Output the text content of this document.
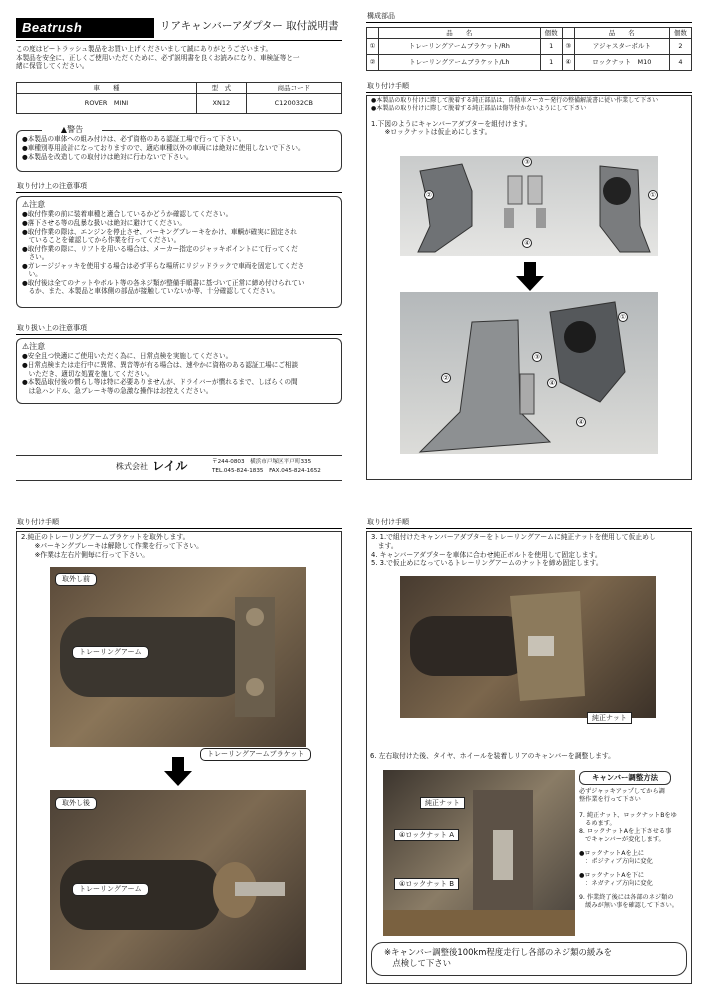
Beatrush	リアキャンバーアダプター 取付説明書
この度はビートラッシュ製品をお買い上げくださいまして誠にありがとうございます。
本製品を安全に、正しくご使用いただくために、必ず説明書を良くお読みになり、車検証等と一
緒に保管してください。
車　　種	型　式	商品コード
ROVER　MINI	XN12	C120032CB
▲警告
●本製品の車体への組み付けは、必ず資格のある認証工場で行って下さい。
●車種別専用設計になっておりますので、適応車種以外の車両には絶対に使用しないで下さい。
●本製品を改造しての取付けは絶対に行わないで下さい。
取り付け上の注意事項
⚠注意
●取付作業の前に装着車種と適合しているかどうか確認してください。
●落下させる等の乱暴な扱いは絶対に避けてください。
●取付作業の際は、エンジンを停止させ、パーキングブレーキをかけ、車輌が確実に固定され
　ていることを確認してから作業を行ってください。
●取付作業の際に、リフトを用いる場合は、メーカー指定のジャッキポイントにて行ってくだ
　さい。
●ガレージジャッキを使用する場合は必ず平らな場所にリジッドラックで車両を固定してくださ
　い。
●取付後は全てのナットやボルト等の各ネジ類が整備手順書に基づいて正常に締め付けられてい
　るか、また、本製品と車体側の部品が接触していないか等、十分確認してください。
取り扱い上の注意事項
⚠注意
●安全且つ快適にご使用いただく為に、日常点検を実施してください。
●日常点検または走行中に異常、異音等が有る場合は、速やかに資格のある認証工場にご相談
　いただき、適切な処置を施してください。
●本製品取付後の慣らし等は特に必要ありませんが、ドライバーが慣れるまで、しばらくの間
　は急ハンドル、急ブレーキ等の急激な操作はお控えください。
株式会社 レイル	〒244-0803　横浜市戸塚区平戸町335
TEL.045-824-1835　FAX.045-824-1652
構成部品
	品　　名	個数		品　　名	個数
①	トレーリングアームブラケット/Rh	1	③	アジャスターボルト	2
②	トレーリングアームブラケット/Lh	1	④	ロックナット　M10	4
取り付け手順
●本製品の取り付けに際して脱着する純正部品は、自動車メーカー発行の整備解説書に従い作業して下さい
●本製品の取り付けに際して脱着する純正部品は傷等付かないようにして下さい
1.下図のようにキャンバーアダプターを組付けます。
　　※ロックナットは仮止めにします。
②	①
③
④
①
②
③
④
④
取り付け手順
2.純正のトレーリングアームブラケットを取外します。
　　※パーキングブレーキは解除して作業を行って下さい。
　　※作業は左右片側毎に行って下さい。
取外し前
トレーリングアーム
トレーリングアームブラケット
取外し後
トレーリングアーム
取り付け手順
3. 1.で組付けたキャンバーアダプターをトレーリングアームに純正ナットを使用して仮止めし
　ます。
4. キャンバーアダプターを車体に合わせ純正ボルトを使用して固定します。
5. 3.で仮止めになっているトレーリングアームのナットを締め固定します。
純正ナット
6. 左右取付けた後、タイヤ、ホイールを装着しリアのキャンバーを調整します。
純正ナット
④ロックナット A
④ロックナット B
キャンバー調整方法
必ずジャッキアップしてから調
整作業を行って下さい
7. 純正ナット、ロックナットBをゆ
　るめます。
8. ロックナットAを上下させる事
　でキャンバーが変化します。
●ロックナットAを上に
　：ポジティブ方向に変化
●ロックナットAを下に
　：ネガティブ方向に変化
9. 作業終了後には各部のネジ類の
　緩みが無い事を確認して下さい。
※キャンバー調整後100km程度走行し各部のネジ類の緩みを
　点検して下さい
